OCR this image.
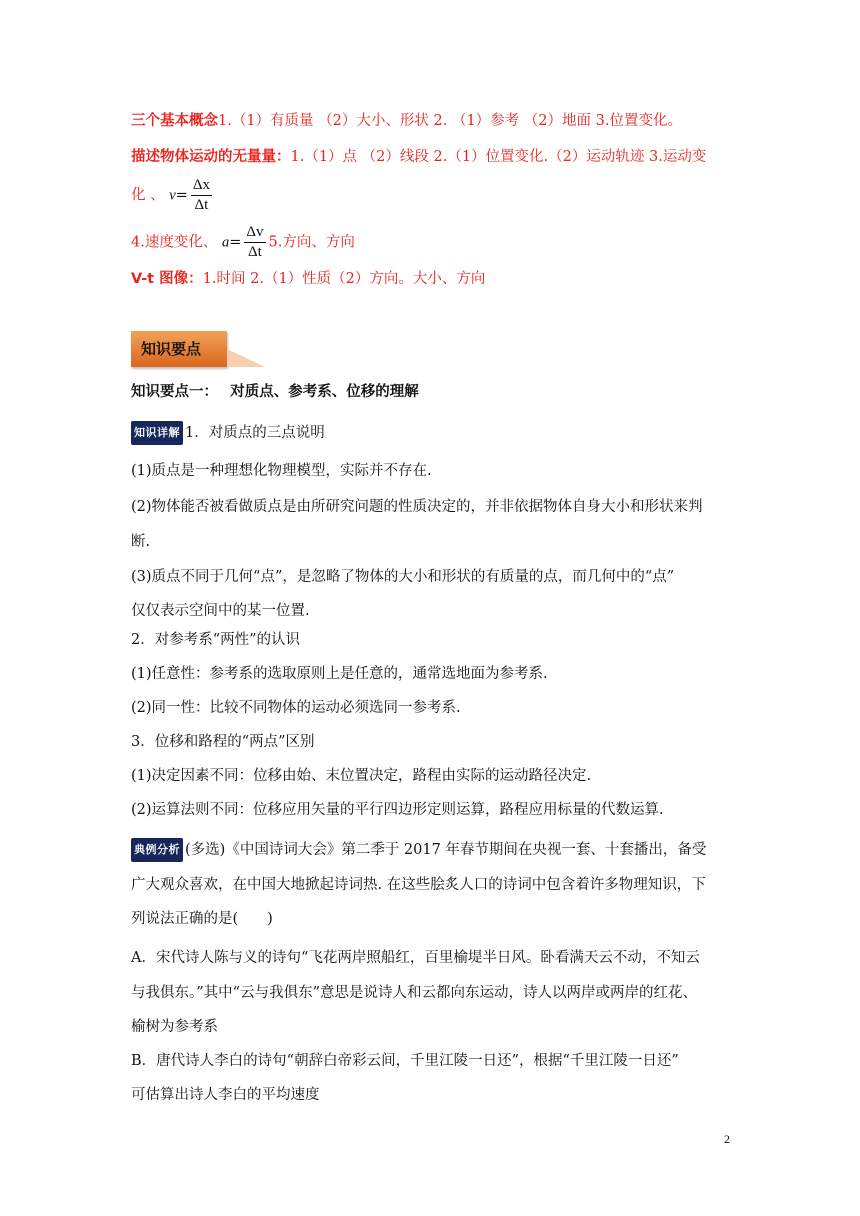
三个基本概念1.（1）有质量 （2）大小、形状 2. （1）参考 （2）地面 3.位置变化。
描述物体运动的无量量：1.（1）点 （2）线段 2.（1）位置变化.（2）运动轨迹 3.运动变
化 、 $v= \frac{\Delta x}{\Delta t}$
4.速度变化、 $a= \frac{\Delta v}{\Delta t} 5$.方向、方向
V-t 图像：1.时间 2.（1）性质（2）方向。大小、方向
知识要点
知识要点一：　 对质点、参考系、位移的理解
知识详解 1．对质点的三点说明
(1)质点是一种理想化物理模型，实际并不存在.
(2)物体能否被看做质点是由所研究问题的性质决定的，并非依据物体自身大小和形状来判
断.
(3)质点不同于几何“点”，是忽略了物体的大小和形状的有质量的点，而几何中的“点”
仅仅表示空间中的某一位置.
2．对参考系“两性”的认识
(1)任意性：参考系的选取原则上是任意的，通常选地面为参考系.
(2)同一性：比较不同物体的运动必须选同一参考系.
3．位移和路程的“两点”区别
(1)决定因素不同：位移由始、末位置决定，路程由实际的运动路径决定.
(2)运算法则不同：位移应用矢量的平行四边形定则运算，路程应用标量的代数运算.
典例分析 (多选)《中国诗词大会》第二季于 2017 年春节期间在央视一套、十套播出，备受
广大观众喜欢，在中国大地掀起诗词热. 在这些脍炙人口的诗词中包含着许多物理知识，下
列说法正确的是(　　)
A．宋代诗人陈与义的诗句“飞花两岸照船红，百里榆堤半日风。卧看满天云不动，不知云
与我俱东。”其中“云与我俱东”意思是说诗人和云都向东运动，诗人以两岸或两岸的红花、
榆树为参考系
B．唐代诗人李白的诗句“朝辞白帝彩云间，千里江陵一日还”，根据“千里江陵一日还”
可估算出诗人李白的平均速度
2
